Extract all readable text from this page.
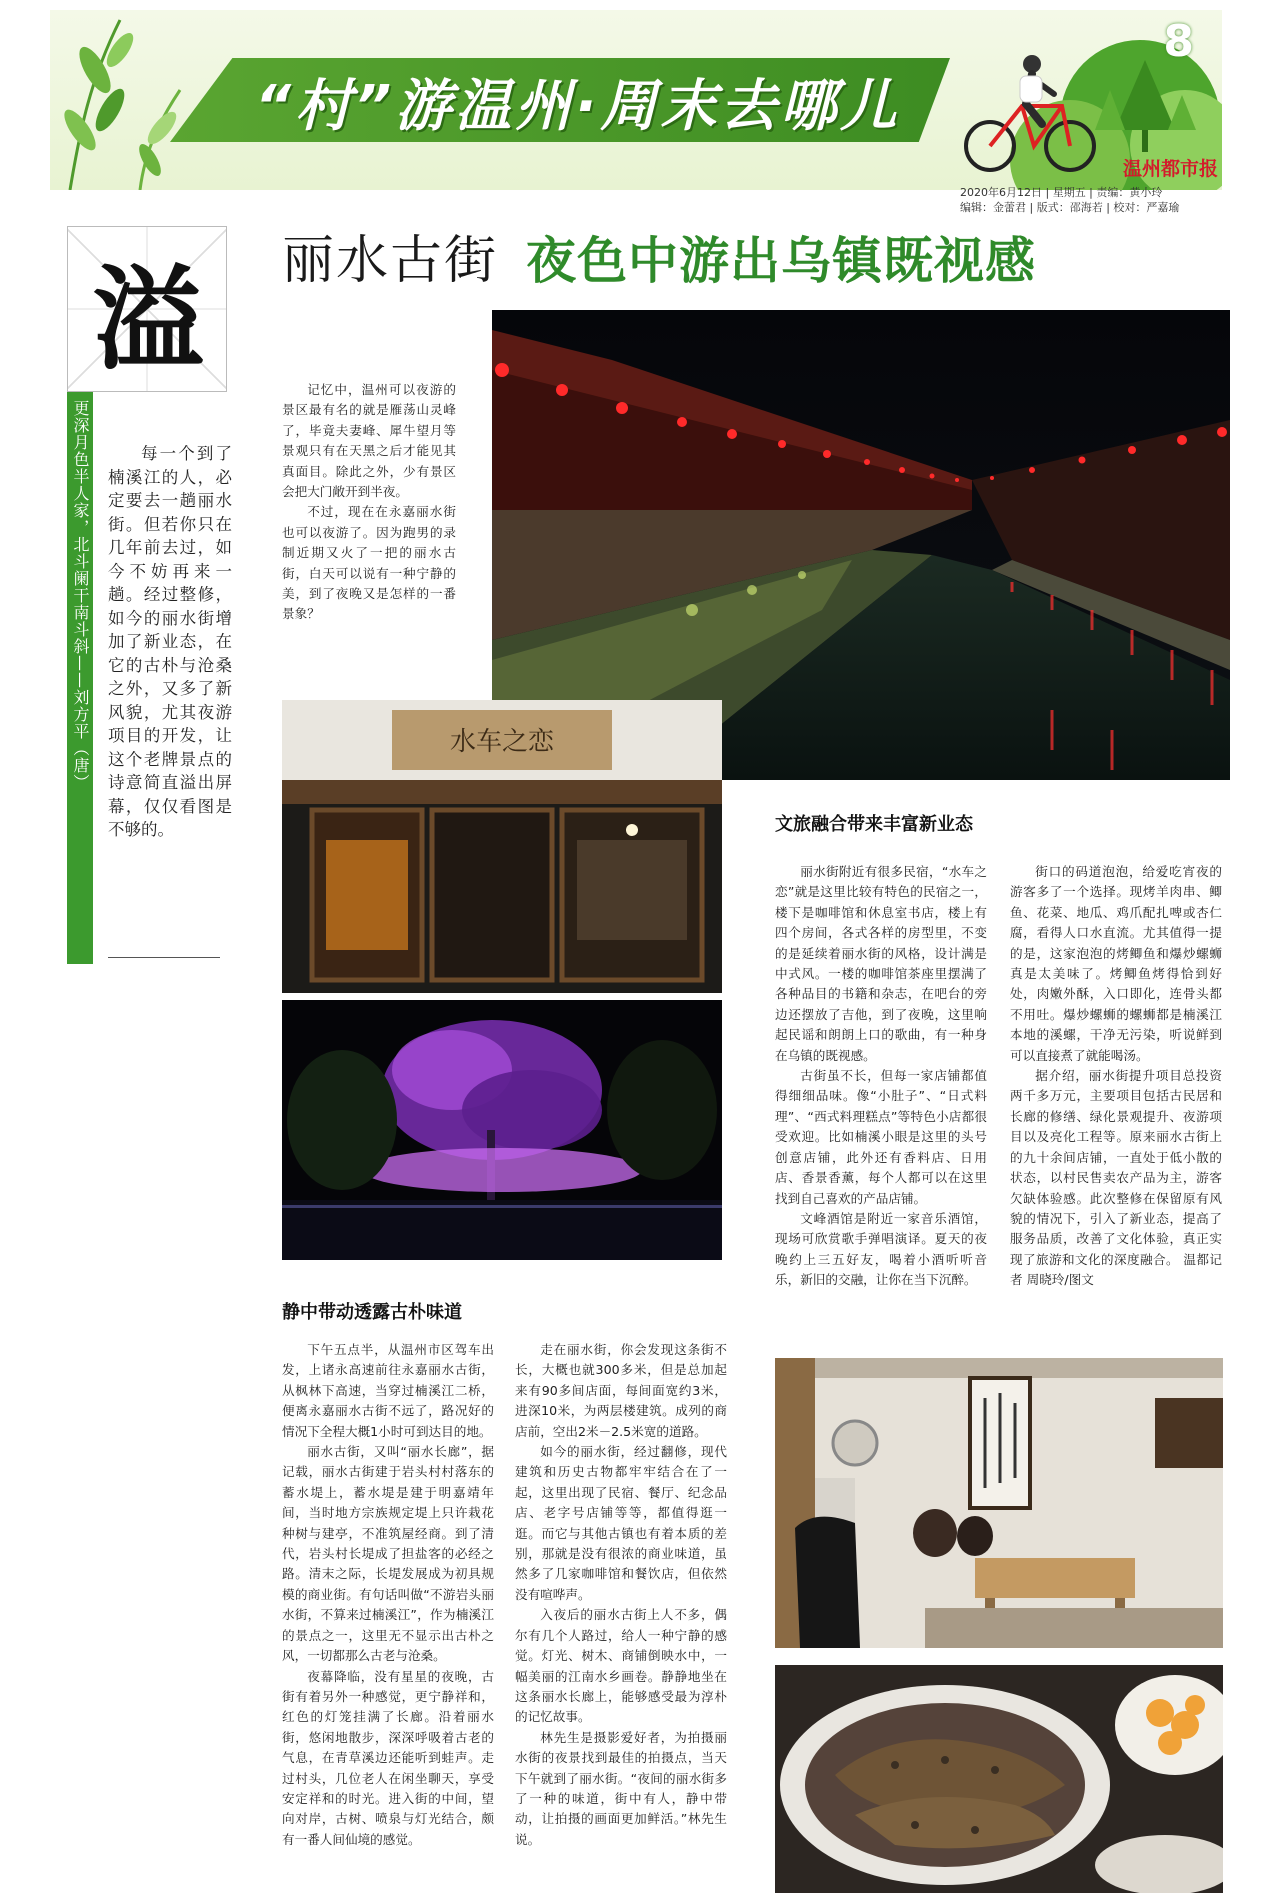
“村”游温州·周末去哪儿
8
温州都市报
2020年6月12日 | 星期五 | 责编：黄小玲
编辑：金蕾君 | 版式：邵海若 | 校对：严嘉瑜
丽水古街 夜色中游出乌镇既视感
溢
更深月色半人家，北斗阑干南斗斜——刘方平（唐）	每一个到了楠溪江的人，必定要去一趟丽水街。但若你只在几年前去过，如今不妨再来一趟。经过整修，如今的丽水街增加了新业态，在它的古朴与沧桑之外，又多了新风貌，尤其夜游项目的开发，让这个老牌景点的诗意简直溢出屏幕，仅仅看图是不够的。

记忆中，温州可以夜游的景区最有名的就是雁荡山灵峰了，毕竟夫妻峰、犀牛望月等景观只有在天黑之后才能见其真面目。除此之外，少有景区会把大门敞开到半夜。

不过，现在在永嘉丽水街也可以夜游了。因为跑男的录制近期又火了一把的丽水古街，白天可以说有一种宁静的美，到了夜晚又是怎样的一番景象？

水车之恋
文旅融合带来丰富新业态

丽水街附近有很多民宿，“水车之恋”就是这里比较有特色的民宿之一，楼下是咖啡馆和休息室书店，楼上有四个房间，各式各样的房型里，不变的是延续着丽水街的风格，设计满是中式风。一楼的咖啡馆茶座里摆满了各种品目的书籍和杂志，在吧台的旁边还摆放了吉他，到了夜晚，这里响起民谣和朗朗上口的歌曲，有一种身在乌镇的既视感。

古街虽不长，但每一家店铺都值得细细品味。像“小肚子”、“日式料理”、“西式料理糕点”等特色小店都很受欢迎。比如楠溪小眼是这里的头号创意店铺，此外还有香料店、日用店、香景香薰，每个人都可以在这里找到自己喜欢的产品店铺。

文峰酒馆是附近一家音乐酒馆，现场可欣赏歌手弹唱演译。夏天的夜晚约上三五好友，喝着小酒听听音乐，新旧的交融，让你在当下沉醉。

街口的码道泡泡，给爱吃宵夜的游客多了一个选择。现烤羊肉串、鲫鱼、花菜、地瓜、鸡爪配扎啤或杏仁腐，看得人口水直流。尤其值得一提的是，这家泡泡的烤鲫鱼和爆炒螺蛳真是太美味了。烤鲫鱼烤得恰到好处，肉嫩外酥，入口即化，连骨头都不用吐。爆炒螺蛳的螺蛳都是楠溪江本地的溪螺，干净无污染，听说鲜到可以直接煮了就能喝汤。

据介绍，丽水街提升项目总投资两千多万元，主要项目包括古民居和长廊的修缮、绿化景观提升、夜游项目以及亮化工程等。原来丽水古街上的九十余间店铺，一直处于低小散的状态，以村民售卖农产品为主，游客欠缺体验感。此次整修在保留原有风貌的情况下，引入了新业态，提高了服务品质，改善了文化体验，真正实现了旅游和文化的深度融合。 温都记者 周晓玲/图文

静中带动透露古朴味道

下午五点半，从温州市区驾车出发，上诸永高速前往永嘉丽水古街，从枫林下高速，当穿过楠溪江二桥，便离永嘉丽水古街不远了，路况好的情况下全程大概1小时可到达目的地。

丽水古街，又叫“丽水长廊”，据记载，丽水古街建于岩头村村落东的蓄水堤上，蓄水堤是建于明嘉靖年间，当时地方宗族规定堤上只许栽花种树与建亭，不准筑屋经商。到了清代，岩头村长堤成了担盐客的必经之路。清末之际，长堤发展成为初具规模的商业街。有句话叫做“不游岩头丽水街，不算来过楠溪江”，作为楠溪江的景点之一，这里无不显示出古朴之风，一切都那么古老与沧桑。

夜幕降临，没有星星的夜晚，古街有着另外一种感觉，更宁静祥和，红色的灯笼挂满了长廊。沿着丽水街，悠闲地散步，深深呼吸着古老的气息，在青草溪边还能听到蛙声。走过村头，几位老人在闲坐聊天，享受安定祥和的时光。进入街的中间，望向对岸，古树、喷泉与灯光结合，颇有一番人间仙境的感觉。

走在丽水街，你会发现这条街不长，大概也就300多米，但是总加起来有90多间店面，每间面宽约3米，进深10米，为两层楼建筑。成列的商店前，空出2米－2.5米宽的道路。

如今的丽水街，经过翻修，现代建筑和历史古物都牢牢结合在了一起，这里出现了民宿、餐厅、纪念品店、老字号店铺等等，都值得逛一逛。而它与其他古镇也有着本质的差别，那就是没有很浓的商业味道，虽然多了几家咖啡馆和餐饮店，但依然没有喧哗声。

入夜后的丽水古街上人不多，偶尔有几个人路过，给人一种宁静的感觉。灯光、树木、商铺倒映水中，一幅美丽的江南水乡画卷。静静地坐在这条丽水长廊上，能够感受最为淳朴的记忆故事。

林先生是摄影爱好者，为拍摄丽水街的夜景找到最佳的拍摄点，当天下午就到了丽水街。“夜间的丽水街多了一种的味道，街中有人，静中带动，让拍摄的画面更加鲜活。”林先生说。
